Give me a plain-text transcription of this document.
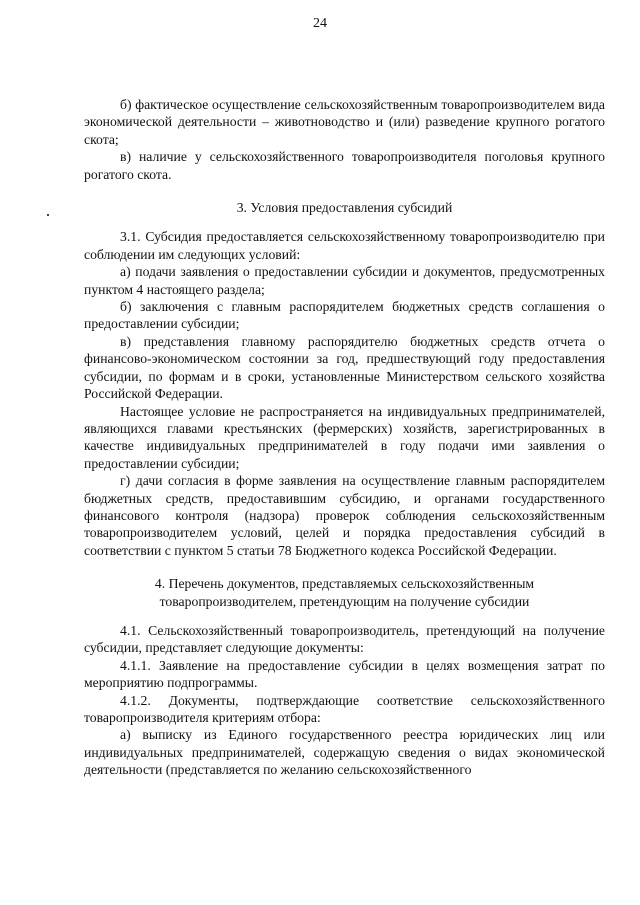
24

б) фактическое осуществление сельскохозяйственным товаропроизводителем вида экономической деятельности – животноводство и (или) разведение крупного рогатого скота;

в) наличие у сельскохозяйственного товаропроизводителя поголовья крупного рогатого скота.

3. Условия предоставления субсидий

3.1. Субсидия предоставляется сельскохозяйственному товаропроизводителю при соблюдении им следующих условий:

а) подачи заявления о предоставлении субсидии и документов, предусмотренных пунктом 4 настоящего раздела;

б) заключения с главным распорядителем бюджетных средств соглашения о предоставлении субсидии;

в) представления главному распорядителю бюджетных средств отчета о финансово-экономическом состоянии за год, предшествующий году предоставления субсидии, по формам и в сроки, установленные Министерством сельского хозяйства Российской Федерации.

Настоящее условие не распространяется на индивидуальных предпринимателей, являющихся главами крестьянских (фермерских) хозяйств, зарегистрированных в качестве индивидуальных предпринимателей в году подачи ими заявления о предоставлении субсидии;

г) дачи согласия в форме заявления на осуществление главным распорядителем бюджетных средств, предоставившим субсидию, и органами государственного финансового контроля (надзора) проверок соблюдения сельскохозяйственным товаропроизводителем условий, целей и порядка предоставления субсидий в соответствии с пунктом 5 статьи 78 Бюджетного кодекса Российской Федерации.

4. Перечень документов, представляемых сельскохозяйственным
товаропроизводителем, претендующим на получение субсидии

4.1. Сельскохозяйственный товаропроизводитель, претендующий на получение субсидии, представляет следующие документы:

4.1.1. Заявление на предоставление субсидии в целях возмещения затрат по мероприятию подпрограммы.

4.1.2. Документы, подтверждающие соответствие сельскохозяйственного товаропроизводителя критериям отбора:

а) выписку из Единого государственного реестра юридических лиц или индивидуальных предпринимателей, содержащую сведения о видах экономической деятельности (представляется по желанию сельскохозяйственного
